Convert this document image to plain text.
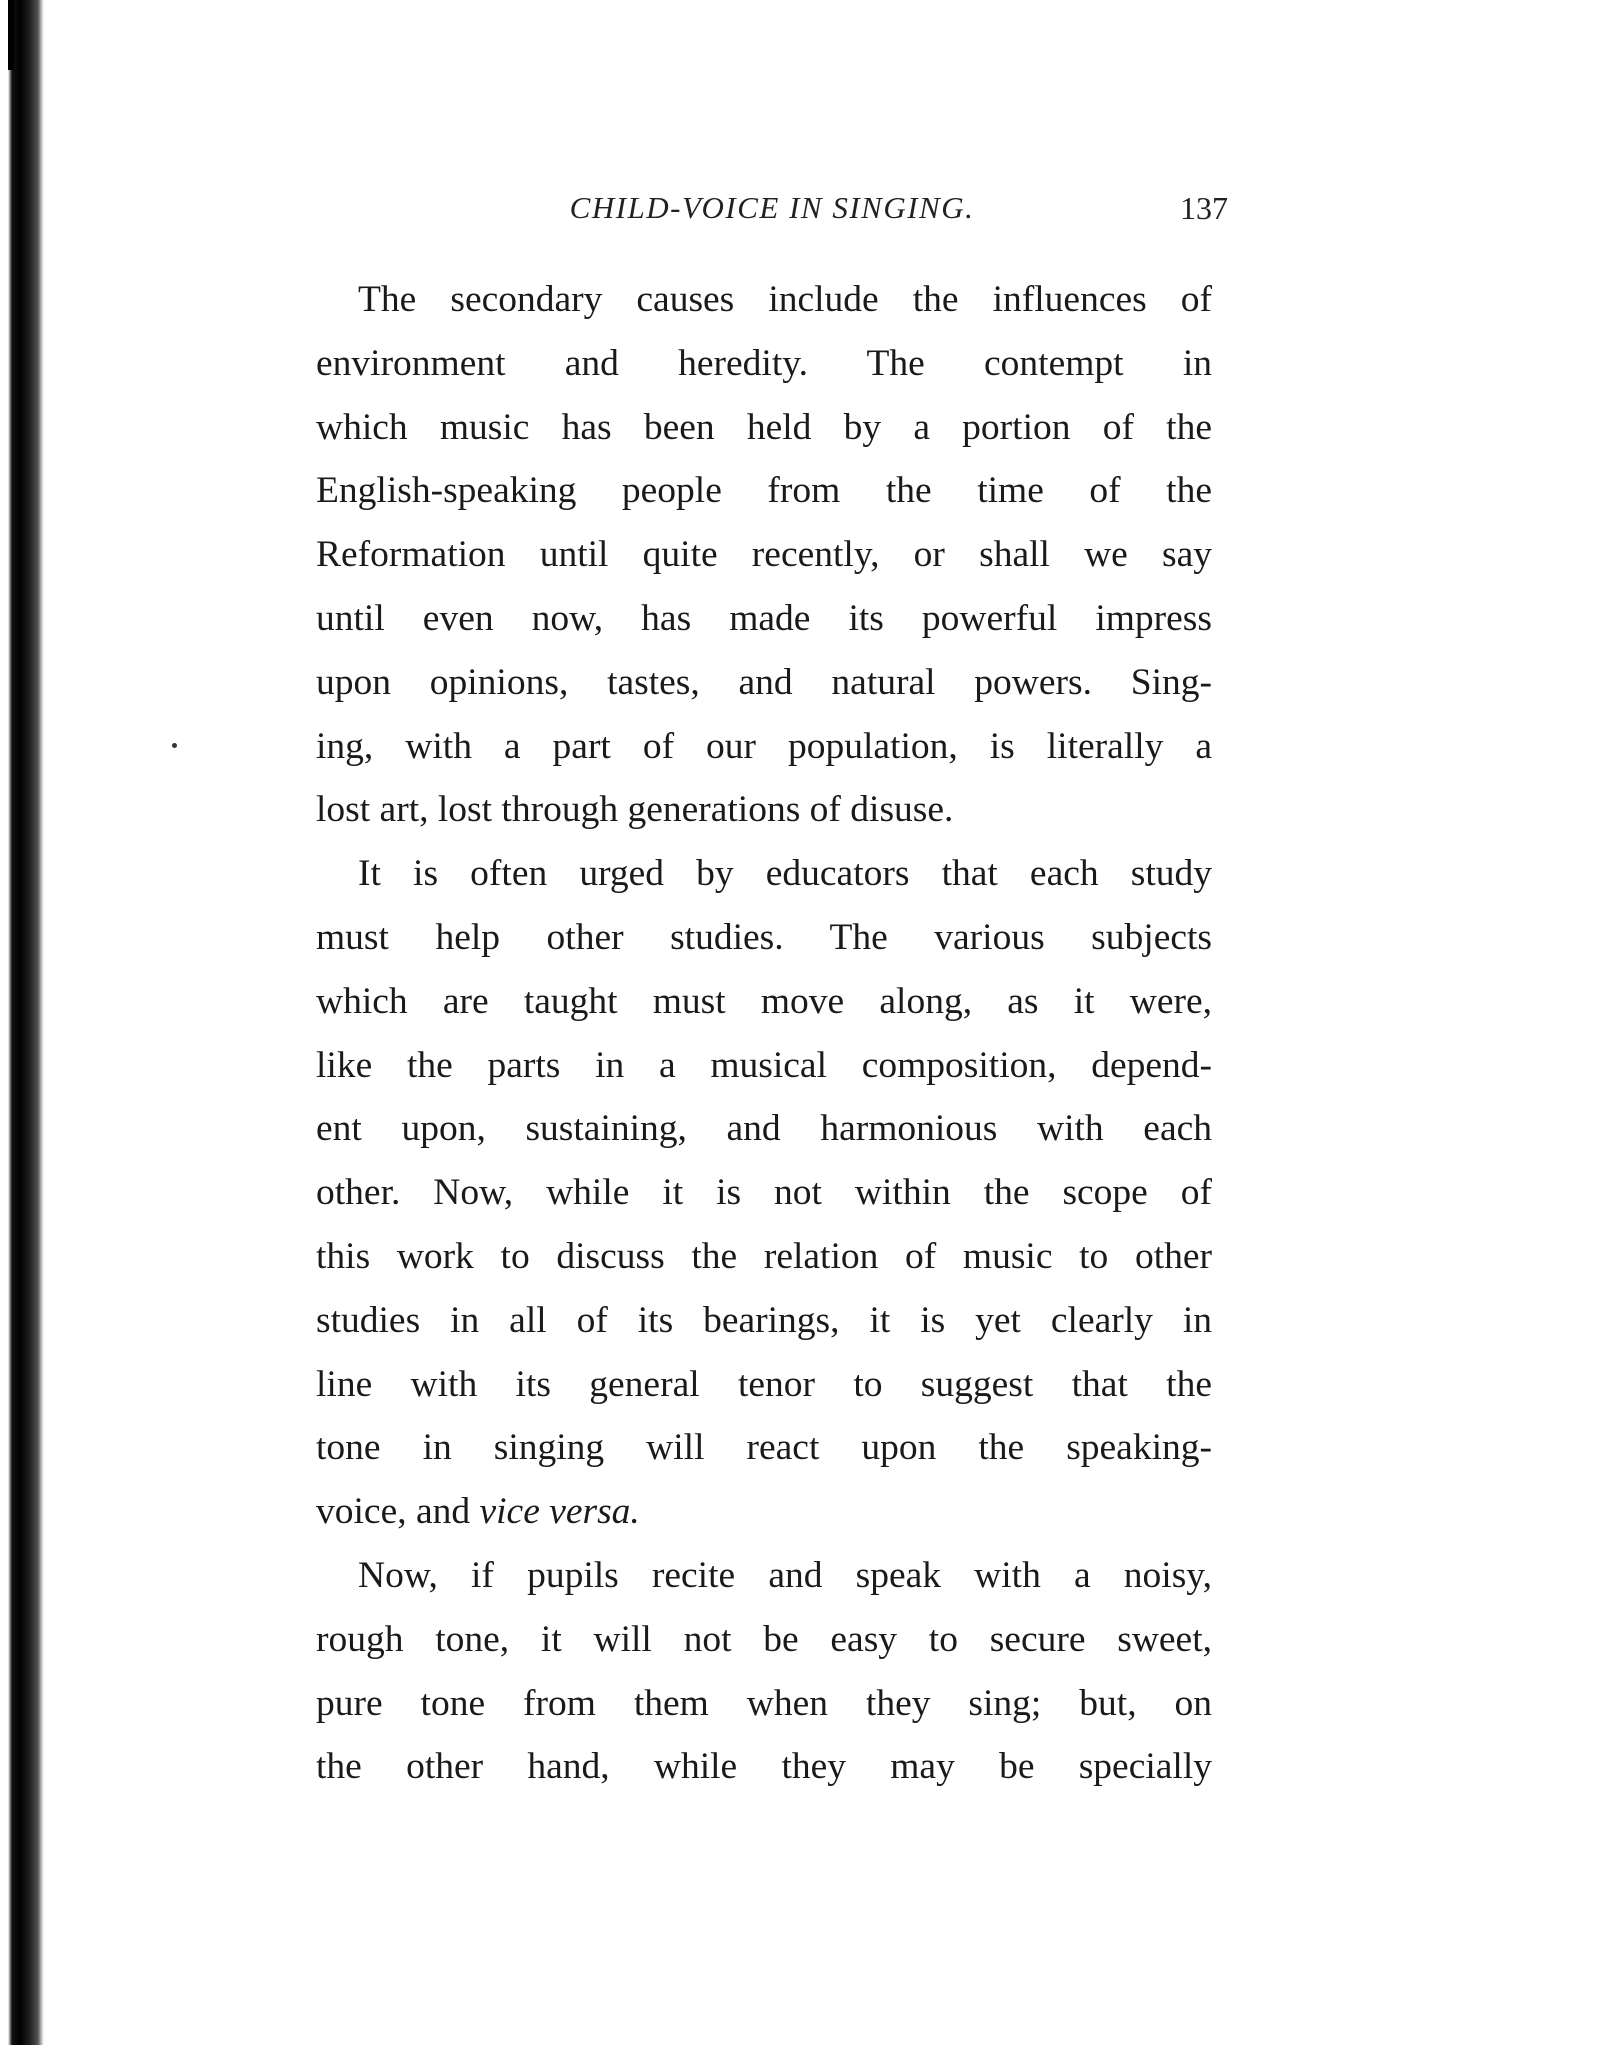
CHILD-VOICE IN SINGING.	137
The secondary causes include the influences of
environment and heredity. The contempt in
which music has been held by a portion of the
English-speaking people from the time of the
Reformation until quite recently, or shall we say
until even now, has made its powerful impress
upon opinions, tastes, and natural powers. Sing-
ing, with a part of our population, is literally a
lost art, lost through generations of disuse.
It is often urged by educators that each study
must help other studies. The various subjects
which are taught must move along, as it were,
like the parts in a musical composition, depend-
ent upon, sustaining, and harmonious with each
other. Now, while it is not within the scope of
this work to discuss the relation of music to other
studies in all of its bearings, it is yet clearly in
line with its general tenor to suggest that the
tone in singing will react upon the speaking-
voice, and vice versa.
Now, if pupils recite and speak with a noisy,
rough tone, it will not be easy to secure sweet,
pure tone from them when they sing; but, on
the other hand, while they may be specially
